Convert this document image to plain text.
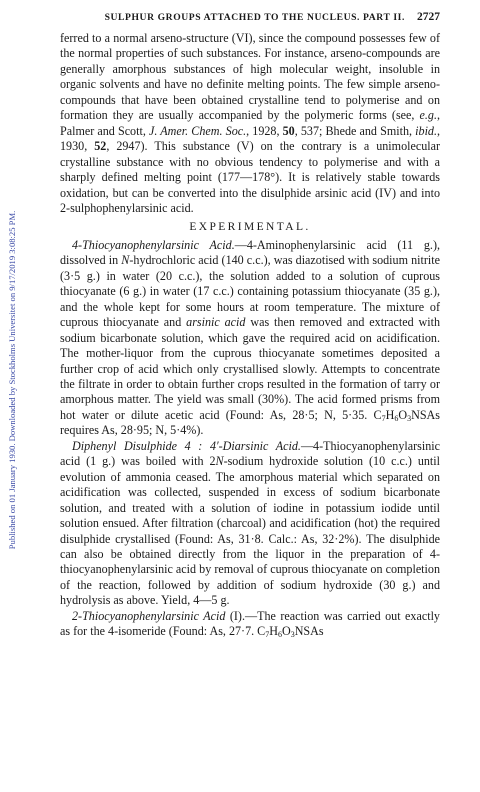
Published on 01 January 1930. Downloaded by Stockholms Universitet on 9/17/2019 3:08:25 PM.
SULPHUR GROUPS ATTACHED TO THE NUCLEUS. PART II. 2727

ferred to a normal arseno-structure (VI), since the compound possesses few of the normal properties of such substances. For instance, arseno-compounds are generally amorphous substances of high molecular weight, insoluble in organic solvents and have no definite melting points. The few simple arseno-compounds that have been obtained crystalline tend to polymerise and on formation they are usually accompanied by the polymeric forms (see, e.g., Palmer and Scott, J. Amer. Chem. Soc., 1928, 50, 537; Bhede and Smith, ibid., 1930, 52, 2947). This substance (V) on the contrary is a unimolecular crystalline substance with no obvious tendency to polymerise and with a sharply defined melting point (177—178°). It is relatively stable towards oxidation, but can be converted into the disulphide arsinic acid (IV) and into 2-sulphophenylarsinic acid.

EXPERIMENTAL.

4-Thiocyanophenylarsinic Acid.—4-Aminophenylarsinic acid (11 g.), dissolved in N-hydrochloric acid (140 c.c.), was diazotised with sodium nitrite (3·5 g.) in water (20 c.c.), the solution added to a solution of cuprous thiocyanate (6 g.) in water (17 c.c.) containing potassium thiocyanate (35 g.), and the whole kept for some hours at room temperature. The mixture of cuprous thiocyanate and arsinic acid was then removed and extracted with sodium bicarbonate solution, which gave the required acid on acidification. The mother-liquor from the cuprous thiocyanate sometimes deposited a further crop of acid which only crystallised slowly. Attempts to concentrate the filtrate in order to obtain further crops resulted in the formation of tarry or amorphous matter. The yield was small (30%). The acid formed prisms from hot water or dilute acetic acid (Found: As, 28·5; N, 5·35. $C_7H_6O_3NSAs$ requires As, 28·95; N, 5·4%).

Diphenyl Disulphide 4 : 4′-Diarsinic Acid.—4-Thiocyanophenylarsinic acid (1 g.) was boiled with 2N-sodium hydroxide solution (10 c.c.) until evolution of ammonia ceased. The amorphous material which separated on acidification was collected, suspended in excess of sodium bicarbonate solution, and treated with a solution of iodine in potassium iodide until solution ensued. After filtration (charcoal) and acidification (hot) the required disulphide crystallised (Found: As, 31·8. Calc.: As, 32·2%). The disulphide can also be obtained directly from the liquor in the preparation of 4-thiocyanophenylarsinic acid by removal of cuprous thiocyanate on completion of the reaction, followed by addition of sodium hydroxide (30 g.) and hydrolysis as above. Yield, 4—5 g.

2-Thiocyanophenylarsinic Acid (I).—The reaction was carried out exactly as for the 4-isomeride (Found: As, 27·7. $C_7H_6O_3NSAs$
